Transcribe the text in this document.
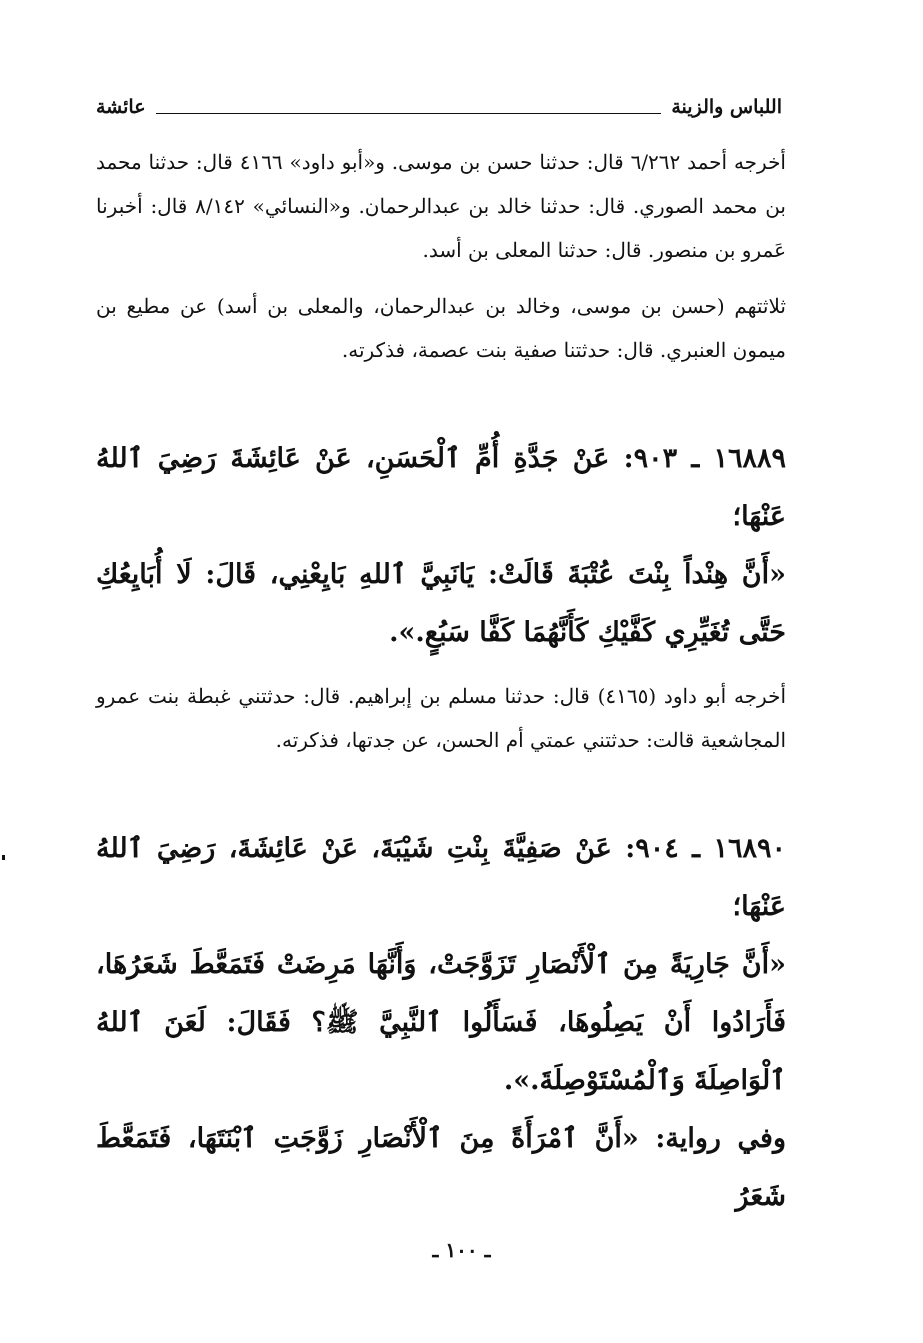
اللباس والزينة
عائشة

أخرجه أحمد ٦/٢٦٢ قال: حدثنا حسن بن موسى. و«أبو داود» ٤١٦٦ قال: حدثنا محمد بن محمد الصوري. قال: حدثنا خالد بن عبدالرحمان. و«النسائي» ٨/١٤٢ قال: أخبرنا عَمرو بن منصور. قال: حدثنا المعلى بن أسد.

ثلاثتهم (حسن بن موسى، وخالد بن عبدالرحمان، والمعلى بن أسد) عن مطيع بن ميمون العنبري. قال: حدثتنا صفية بنت عصمة، فذكرته.

١٦٨٨٩ ـ ٩٠٣: عَنْ جَدَّةِ أُمِّ ٱلْحَسَنِ، عَنْ عَائِشَةَ رَضِيَ ٱللهُ عَنْهَا؛

«أَنَّ هِنْداً بِنْتَ عُتْبَةَ قَالَتْ: يَانَبِيَّ ٱللهِ بَايِعْنِي، قَالَ: لَا أُبَايِعُكِ حَتَّى تُغَيِّرِي كَفَّيْكِ كَأَنَّهُمَا كَفَّا سَبُعٍ.».

أخرجه أبو داود (٤١٦٥) قال: حدثنا مسلم بن إبراهيم. قال: حدثتني غبطة بنت عمرو المجاشعية قالت: حدثتني عمتي أم الحسن، عن جدتها، فذكرته.

١٦٨٩٠ ـ ٩٠٤: عَنْ صَفِيَّةَ بِنْتِ شَيْبَةَ، عَنْ عَائِشَةَ، رَضِيَ ٱللهُ عَنْهَا؛

«أَنَّ جَارِيَةً مِنَ ٱلْأَنْصَارِ تَزَوَّجَتْ، وَأَنَّهَا مَرِضَتْ فَتَمَعَّطَ شَعَرُهَا، فَأَرَادُوا أَنْ يَصِلُوهَا، فَسَأَلُوا ٱلنَّبِيَّ ﷺ؟ فَقَالَ: لَعَنَ ٱللهُ ٱلْوَاصِلَةَ وَٱلْمُسْتَوْصِلَةَ.».

وفي رواية: «أَنَّ ٱمْرَأَةً مِنَ ٱلْأَنْصَارِ زَوَّجَتِ ٱبْنَتَهَا، فَتَمَعَّطَ شَعَرُ

ـ ١٠٠ ـ
